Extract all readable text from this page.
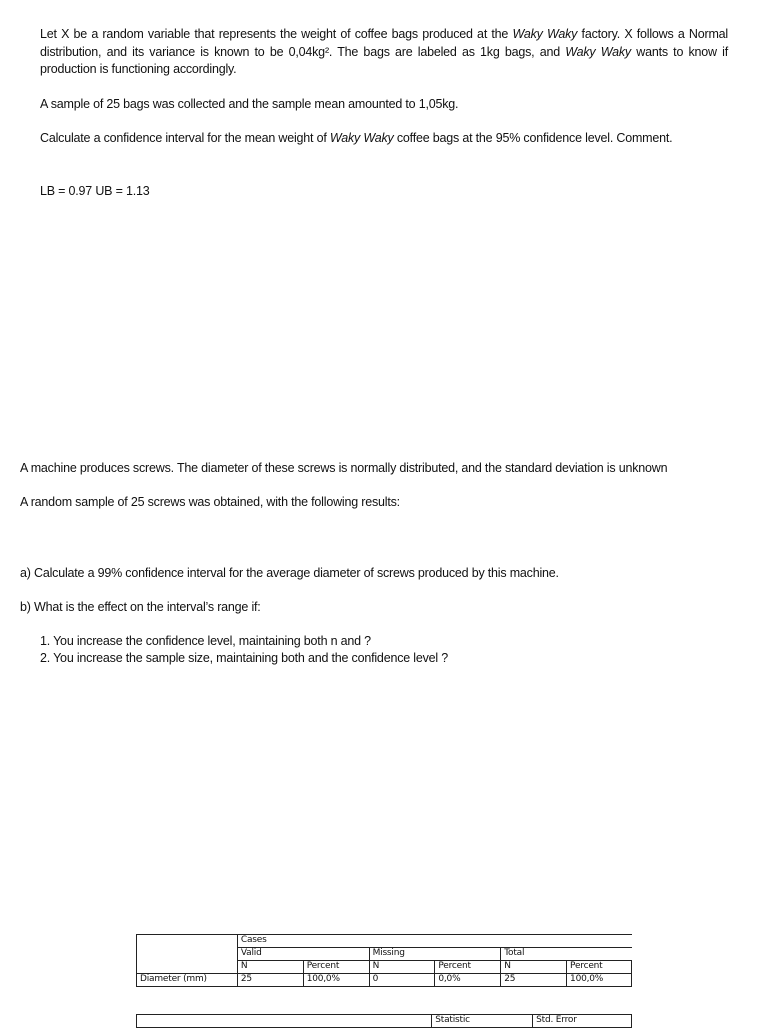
Let X be a random variable that represents the weight of coffee bags produced at the Waky Waky factory. X follows a Normal distribution, and its variance is known to be 0,04kg². The bags are labeled as 1kg bags, and Waky Waky wants to know if production is functioning accordingly.
A sample of 25 bags was collected and the sample mean amounted to 1,05kg.
Calculate a confidence interval for the mean weight of Waky Waky coffee bags at the 95% confidence level. Comment.
LB = 0.97 UB = 1.13
A machine produces screws. The diameter of these screws is normally distributed, and the standard deviation is unknown
A random sample of 25 screws was obtained, with the following results:
a) Calculate a 99% confidence interval for the average diameter of screws produced by this machine.
b) What is the effect on the interval’s range if:
1. You increase the confidence level, maintaining both n and ?
2. You increase the sample size, maintaining both and the confidence level ?
	Cases					
	Valid		Missing		Total	
	N	Percent	N	Percent	N	Percent
Diameter (mm)	25	100,0%	0	0,0%	25	100,0%
	Statistic	Std. Error
